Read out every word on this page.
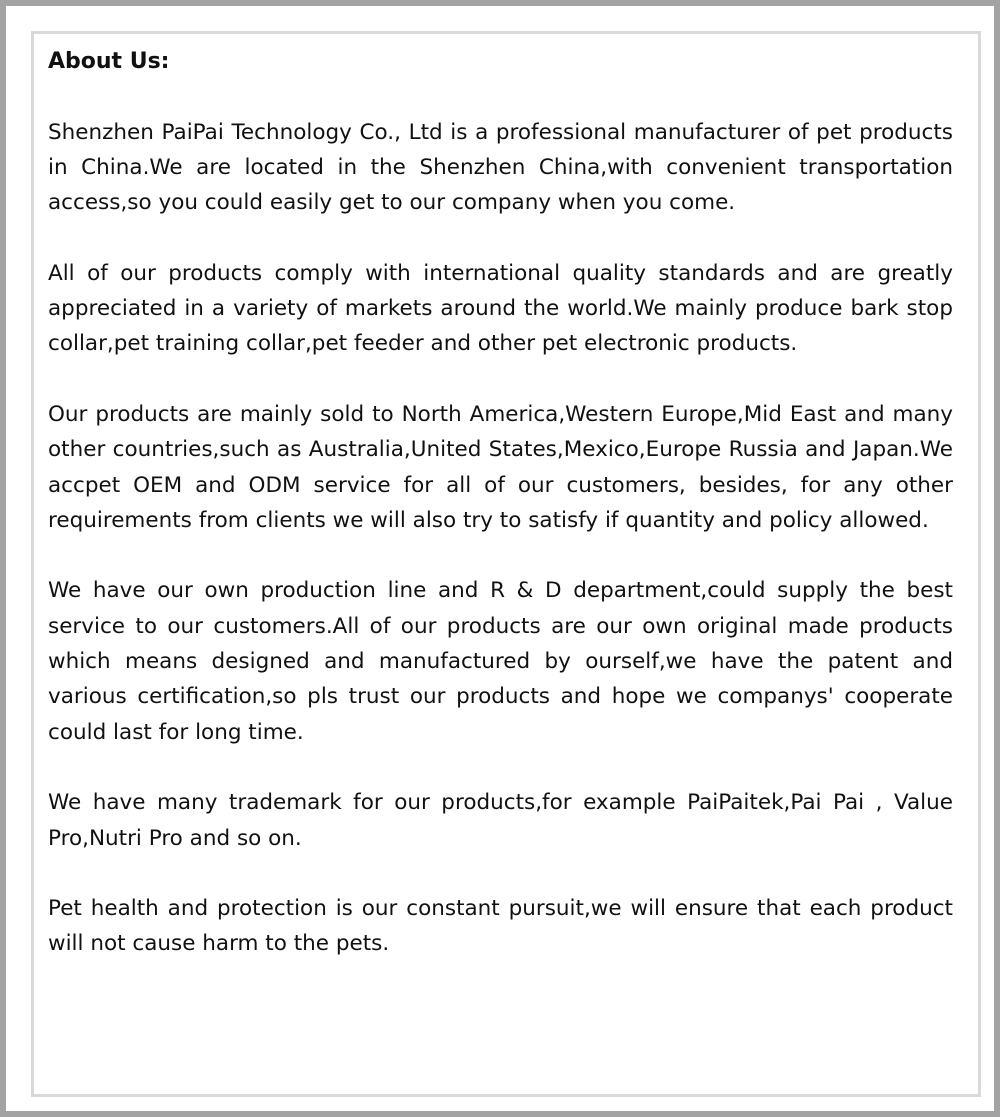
About Us:

Shenzhen PaiPai Technology Co., Ltd is a professional manufacturer of pet products in China.We are located in the Shenzhen China,with convenient transportation access,so you could easily get to our company when you come.

All of our products comply with international quality standards and are greatly appreciated in a variety of markets around the world.We mainly produce bark stop collar,pet training collar,pet feeder and other pet electronic products.

Our products are mainly sold to North America,Western Europe,Mid East and many other countries,such as Australia,United States,Mexico,Europe Russia and Japan.We accpet OEM and ODM service for all of our customers, besides, for any other requirements from clients we will also try to satisfy if quantity and policy allowed.

We have our own production line and R & D department,could supply the best service to our customers.All of our products are our own original made products which means designed and manufactured by ourself,we have the patent and various certification,so pls trust our products and hope we companys' cooperate could last for long time.

We have many trademark for our products,for example PaiPaitek,Pai Pai , Value Pro,Nutri Pro and so on.

Pet health and protection is our constant pursuit,we will ensure that each product will not cause harm to the pets.
